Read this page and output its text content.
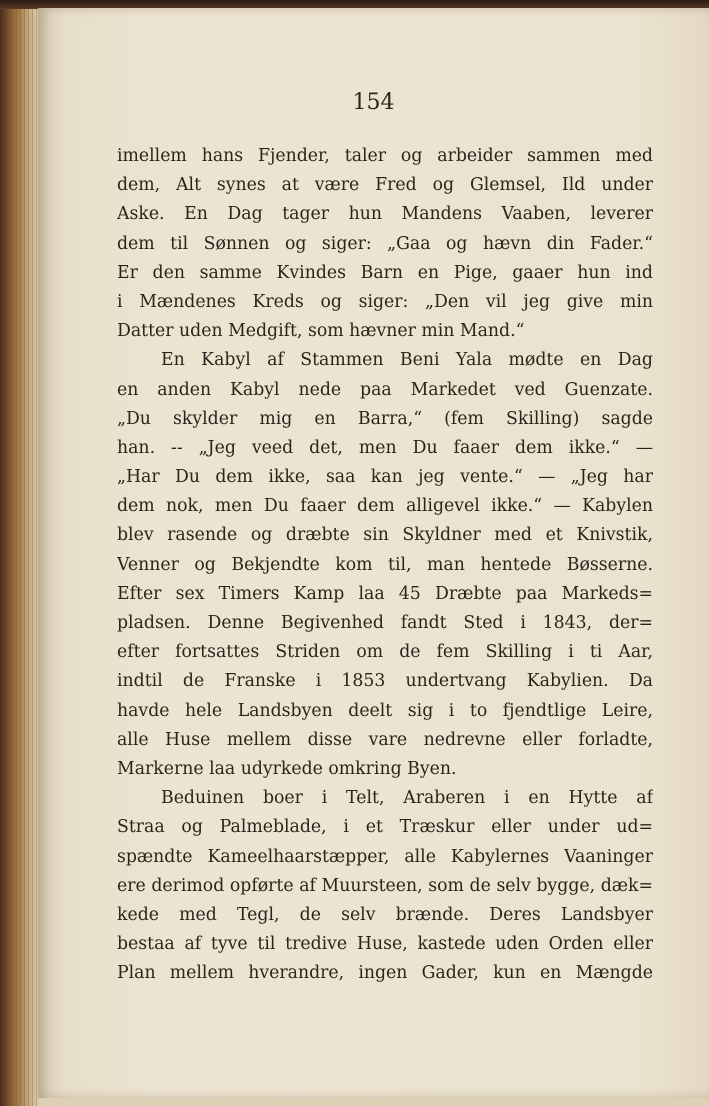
154

imellem hans Fjender, taler og arbeider sammen med
dem, Alt synes at være Fred og Glemsel, Ild under
Aske. En Dag tager hun Mandens Vaaben, leverer
dem til Sønnen og siger: „Gaa og hævn din Fader.“
Er den samme Kvindes Barn en Pige, gaaer hun ind
i Mændenes Kreds og siger: „Den vil jeg give min
Datter uden Medgift, som hævner min Mand.“
En Kabyl af Stammen Beni Yala mødte en Dag
en anden Kabyl nede paa Markedet ved Guenzate.
„Du skylder mig en Barra,“ (fem Skilling) sagde
han. -- „Jeg veed det, men Du faaer dem ikke.“ —
„Har Du dem ikke, saa kan jeg vente.“ — „Jeg har
dem nok, men Du faaer dem alligevel ikke.“ — Kabylen
blev rasende og dræbte sin Skyldner med et Knivstik,
Venner og Bekjendte kom til, man hentede Bøsserne.
Efter sex Timers Kamp laa 45 Dræbte paa Markeds=
pladsen. Denne Begivenhed fandt Sted i 1843, der=
efter fortsattes Striden om de fem Skilling i ti Aar,
indtil de Franske i 1853 undertvang Kabylien. Da
havde hele Landsbyen deelt sig i to fjendtlige Leire,
alle Huse mellem disse vare nedrevne eller forladte,
Markerne laa udyrkede omkring Byen.
Beduinen boer i Telt, Araberen i en Hytte af
Straa og Palmeblade, i et Træskur eller under ud=
spændte Kameelhaarstæpper, alle Kabylernes Vaaninger
ere derimod opførte af Muursteen, som de selv bygge, dæk=
kede med Tegl, de selv brænde. Deres Landsbyer
bestaa af tyve til tredive Huse, kastede uden Orden eller
Plan mellem hverandre, ingen Gader, kun en Mængde
